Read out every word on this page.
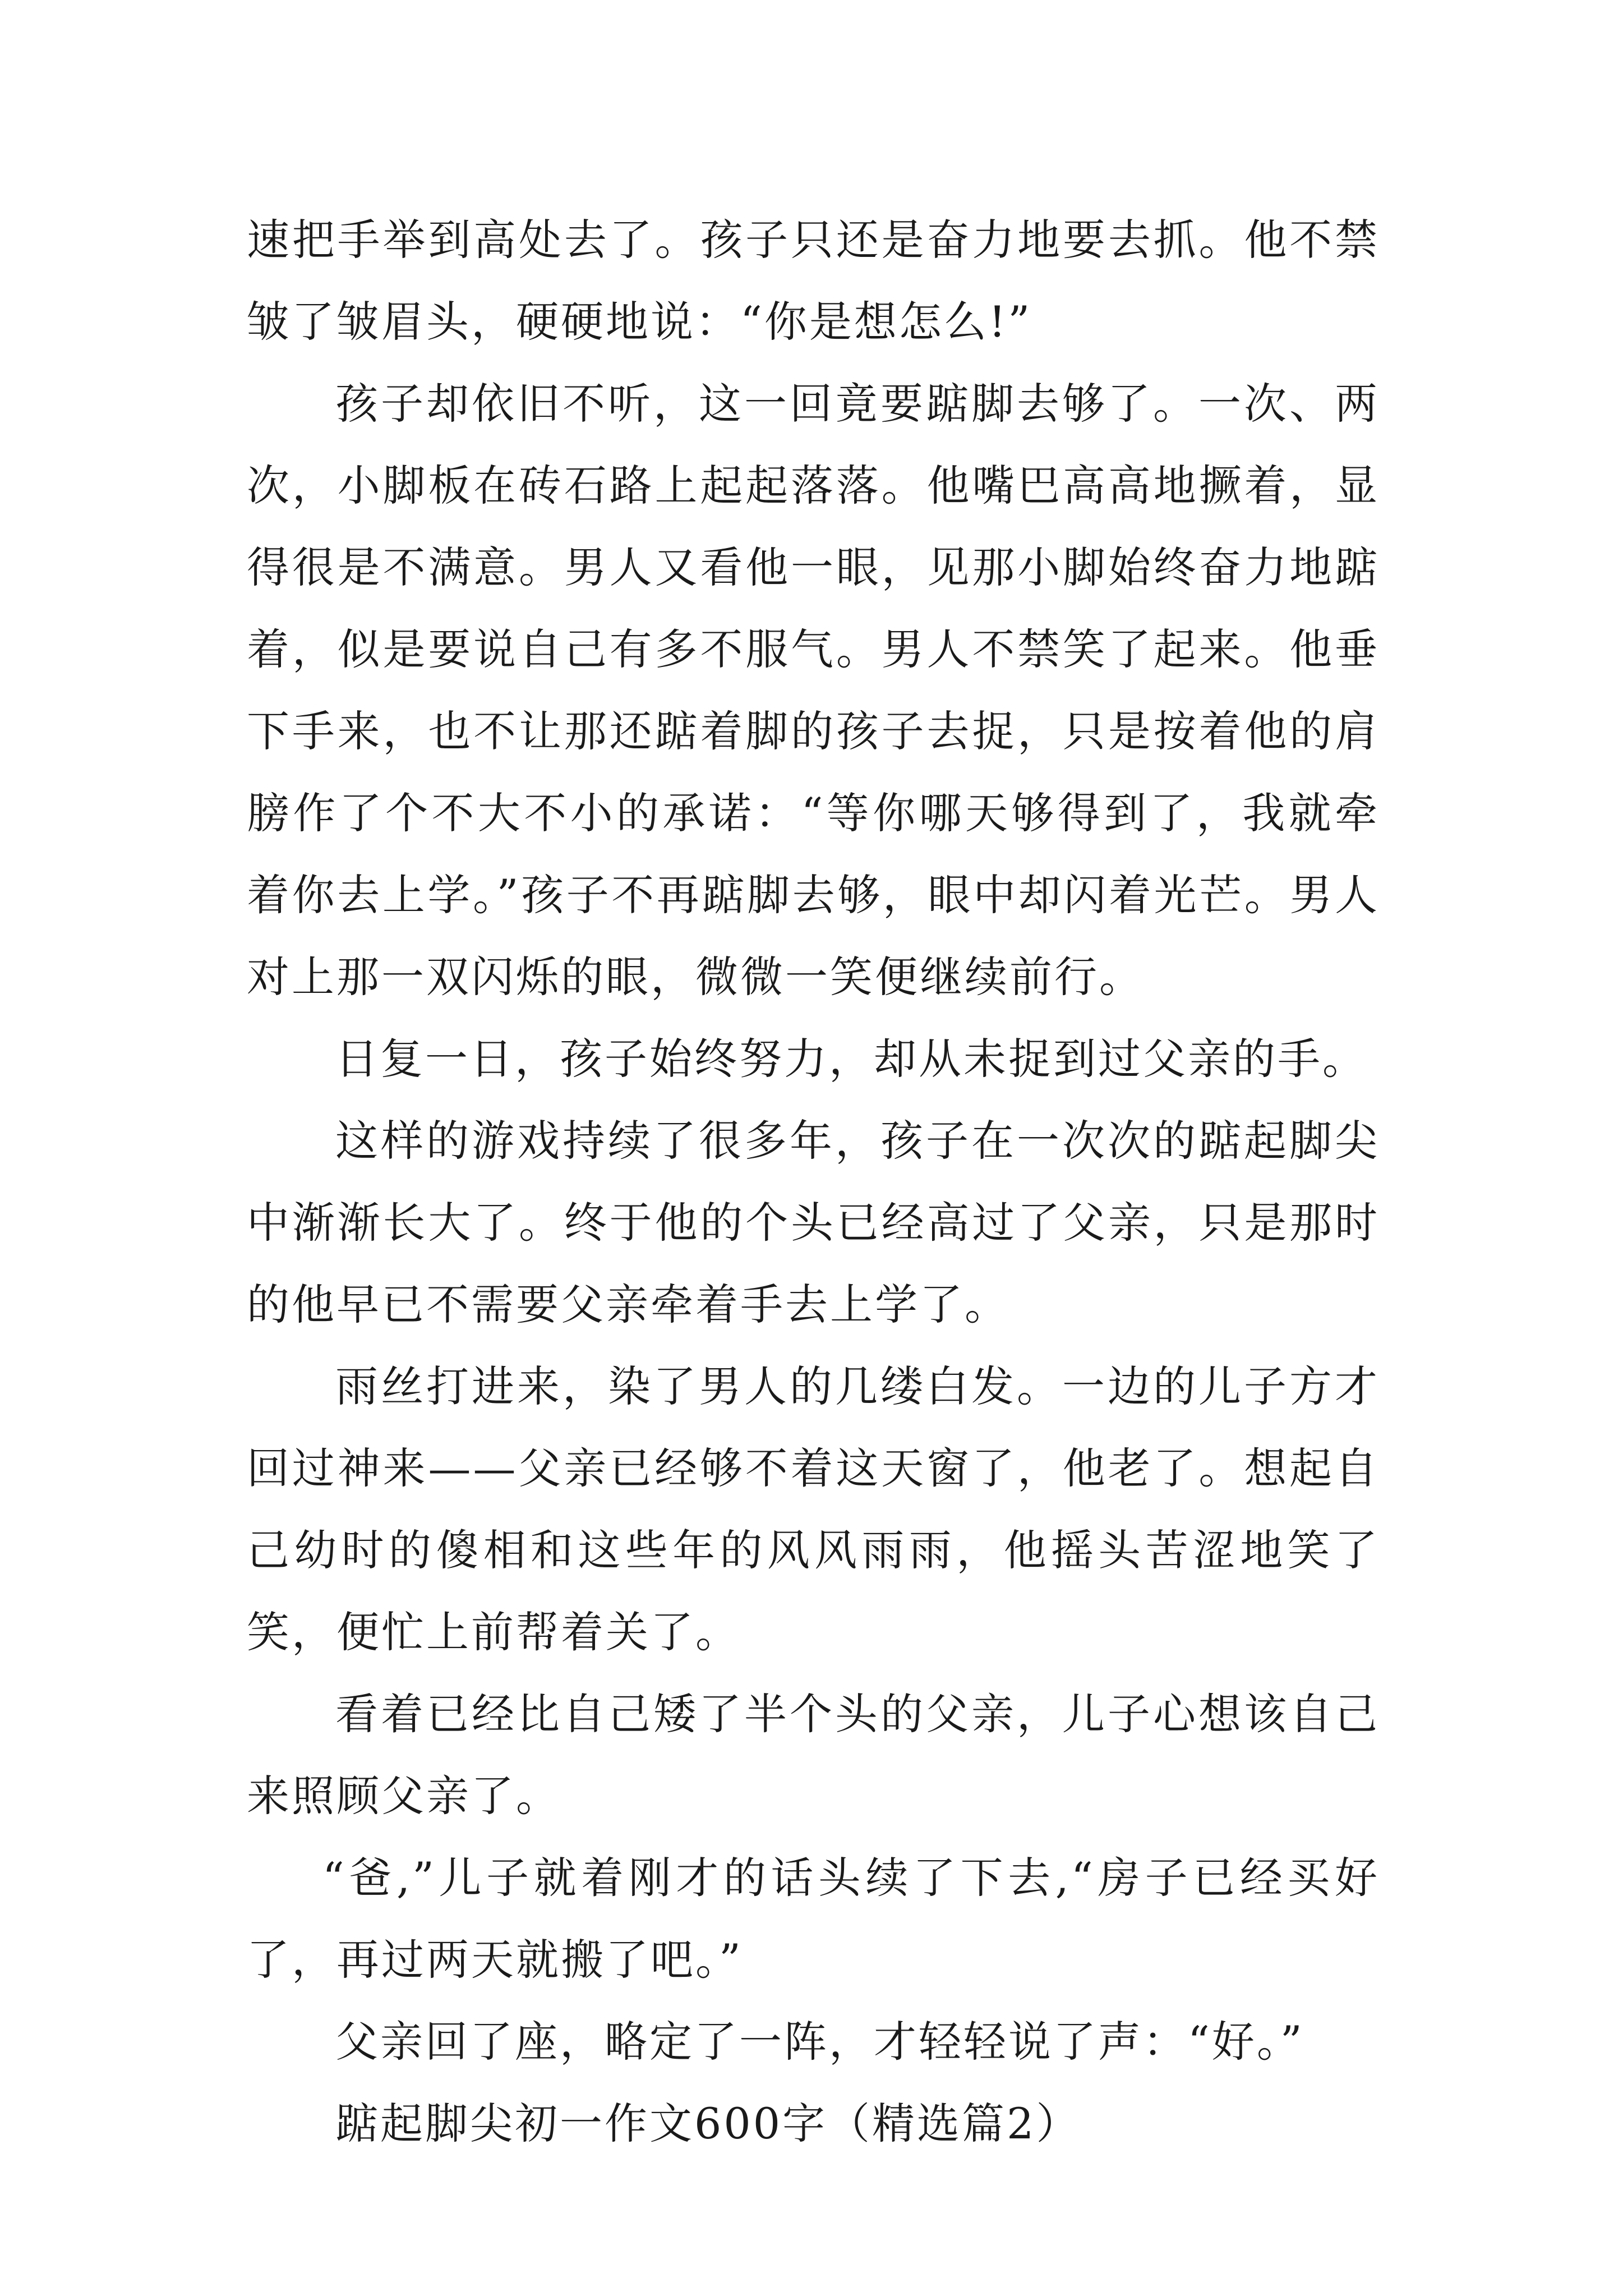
速把手举到高处去了。孩子只还是奋力地要去抓。他不禁皱了皱眉头，硬硬地说：“你是想怎么!”

孩子却依旧不听，这一回竟要踮脚去够了。一次、两次，小脚板在砖石路上起起落落。他嘴巴高高地撅着，显得很是不满意。男人又看他一眼，见那小脚始终奋力地踮着，似是要说自己有多不服气。男人不禁笑了起来。他垂下手来，也不让那还踮着脚的孩子去捉，只是按着他的肩膀作了个不大不小的承诺：“等你哪天够得到了，我就牵着你去上学。”孩子不再踮脚去够，眼中却闪着光芒。男人对上那一双闪烁的眼，微微一笑便继续前行。

日复一日，孩子始终努力，却从未捉到过父亲的手。

这样的游戏持续了很多年，孩子在一次次的踮起脚尖中渐渐长大了。终于他的个头已经高过了父亲，只是那时的他早已不需要父亲牵着手去上学了。

雨丝打进来，染了男人的几缕白发。一边的儿子方才回过神来——父亲已经够不着这天窗了，他老了。想起自己幼时的傻相和这些年的风风雨雨，他摇头苦涩地笑了笑，便忙上前帮着关了。

看着已经比自己矮了半个头的父亲，儿子心想该自己来照顾父亲了。

“爸,”儿子就着刚才的话头续了下去,“房子已经买好了，再过两天就搬了吧。”

父亲回了座，略定了一阵，才轻轻说了声：“好。”

踮起脚尖初一作文600字（精选篇2）
